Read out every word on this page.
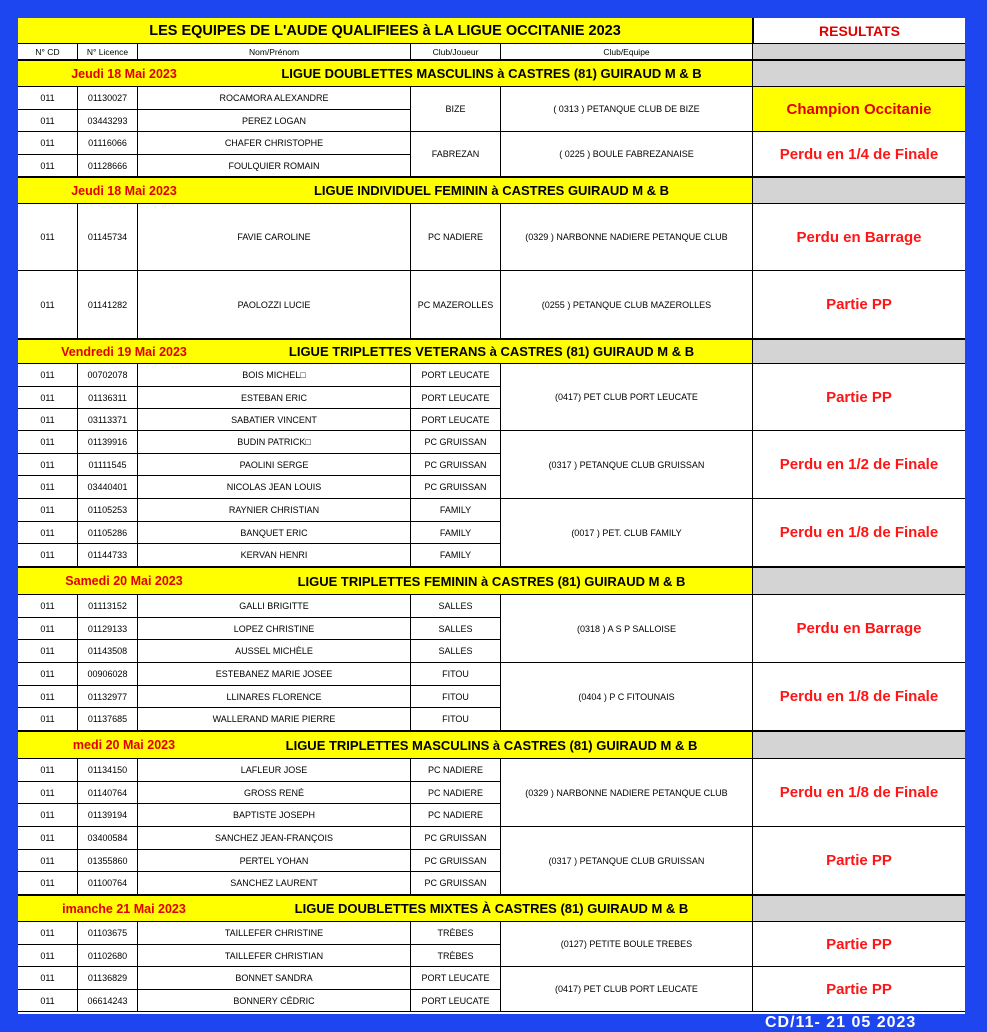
LES EQUIPES DE L'AUDE QUALIFIEES à LA LIGUE OCCITANIE 2023	RESULTATS
N° CD	N° Licence	Nom/Prénom	Club/Joueur	Club/Equipe
Jeudi 18 Mai 2023	LIGUE DOUBLETTES MASCULINS à CASTRES (81) GUIRAUD M & B
011	01130027	ROCAMORA ALEXANDRE
011	03443293	PEREZ LOGAN
BIZE	( 0313 ) PETANQUE CLUB DE BIZE	Champion Occitanie
011	01116066	CHAFER CHRISTOPHE
011	01128666	FOULQUIER ROMAIN
FABREZAN	( 0225 ) BOULE FABREZANAISE	Perdu en 1/4 de Finale
Jeudi 18 Mai 2023	LIGUE INDIVIDUEL FEMININ à CASTRES GUIRAUD M & B
011	01145734	FAVIE CAROLINE	PC NADIERE	(0329 ) NARBONNE NADIERE PETANQUE CLUB	Perdu en Barrage
011	01141282	PAOLOZZI LUCIE	PC MAZEROLLES	(0255 ) PETANQUE CLUB MAZEROLLES	Partie PP
Vendredi 19 Mai 2023	LIGUE TRIPLETTES VETERANS à CASTRES (81) GUIRAUD M & B
011	00702078	BOIS MICHEL□	PORT LEUCATE
011	01136311	ESTEBAN ERIC	PORT LEUCATE
011	03113371	SABATIER VINCENT	PORT LEUCATE
(0417) PET CLUB PORT LEUCATE	Partie PP
011	01139916	BUDIN PATRICK□	PC GRUISSAN
011	01111545	PAOLINI SERGE	PC GRUISSAN
011	03440401	NICOLAS JEAN LOUIS	PC GRUISSAN
(0317 ) PETANQUE CLUB GRUISSAN	Perdu en 1/2 de Finale
011	01105253	RAYNIER CHRISTIAN	FAMILY
011	01105286	BANQUET ERIC	FAMILY
011	01144733	KERVAN HENRI	FAMILY
(0017 ) PET. CLUB FAMILY	Perdu en 1/8 de Finale
Samedi 20 Mai 2023	LIGUE TRIPLETTES FEMININ à CASTRES (81) GUIRAUD M & B
011	01113152	GALLI BRIGITTE	SALLES
011	01129133	LOPEZ CHRISTINE	SALLES
011	01143508	AUSSEL MICHÈLE	SALLES
(0318 ) A S P SALLOISE	Perdu en Barrage
011	00906028	ESTEBANEZ MARIE JOSEE	FITOU
011	01132977	LLINARES FLORENCE	FITOU
011	01137685	WALLERAND MARIE PIERRE	FITOU
(0404 ) P C FITOUNAIS	Perdu en 1/8 de Finale
medi 20 Mai 2023	LIGUE TRIPLETTES MASCULINS à CASTRES (81) GUIRAUD M & B
011	01134150	LAFLEUR JOSE	PC NADIERE
011	01140764	GROSS RENÉ	PC NADIERE
011	01139194	BAPTISTE JOSEPH	PC NADIERE
(0329 ) NARBONNE NADIERE PETANQUE CLUB	Perdu en 1/8 de Finale
011	03400584	SANCHEZ JEAN-FRANÇOIS	PC GRUISSAN
011	01355860	PERTEL YOHAN	PC GRUISSAN
011	01100764	SANCHEZ LAURENT	PC GRUISSAN
(0317 ) PETANQUE CLUB GRUISSAN	Partie PP
imanche 21 Mai 2023	LIGUE DOUBLETTES MIXTES À CASTRES (81) GUIRAUD M & B
011	01103675	TAILLEFER CHRISTINE	TRÈBES
011	01102680	TAILLEFER CHRISTIAN	TRÈBES
(0127) PETITE BOULE TREBES	Partie PP
011	01136829	BONNET SANDRA	PORT LEUCATE
011	06614243	BONNERY CÉDRIC	PORT LEUCATE
(0417) PET CLUB PORT LEUCATE	Partie PP
CD/11- 21 05 2023
